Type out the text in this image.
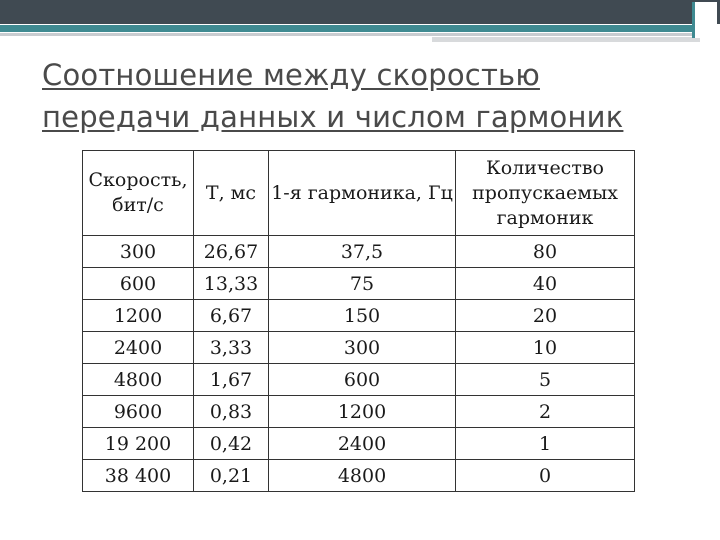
Соотношение между скоростью
передачи данных и числом гармоник
Скорость, бит/с	Т, мс	1-я гармоника, Гц	Количество пропускаемых гармоник
300	26,67	37,5	80
600	13,33	75	40
1200	6,67	150	20
2400	3,33	300	10
4800	1,67	600	5
9600	0,83	1200	2
19 200	0,42	2400	1
38 400	0,21	4800	0
